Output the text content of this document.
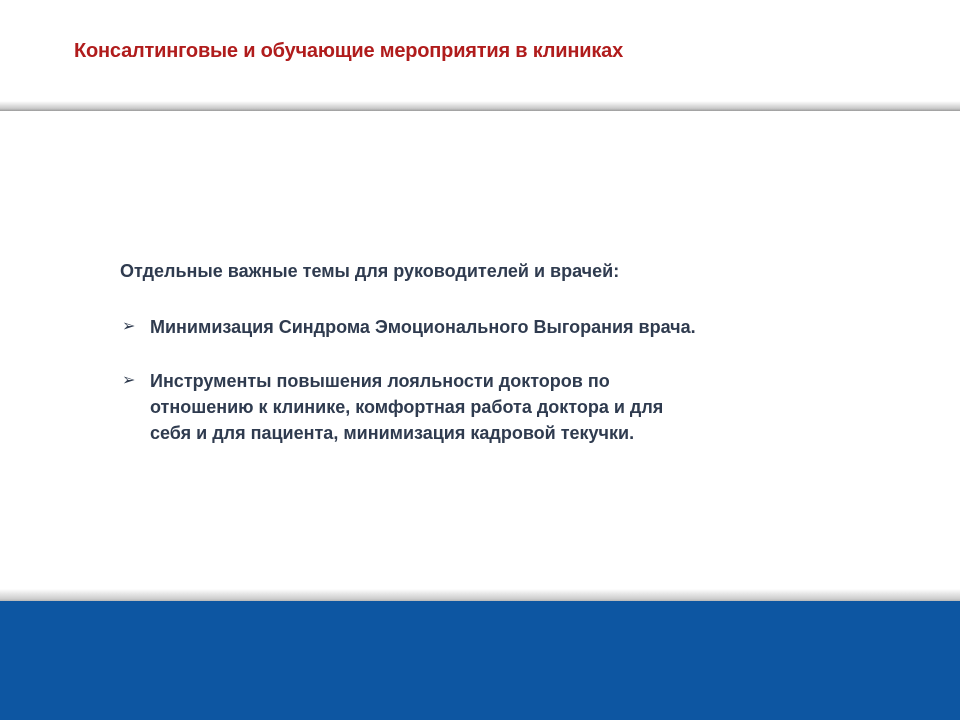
Консалтинговые и обучающие мероприятия в клиниках
Отдельные важные темы для руководителей и врачей:
➢ Минимизация Синдрома Эмоционального Выгорания врача.
➢ Инструменты повышения лояльности докторов по
отношению к клинике, комфортная работа доктора и для
себя и для пациента, минимизация кадровой текучки.
